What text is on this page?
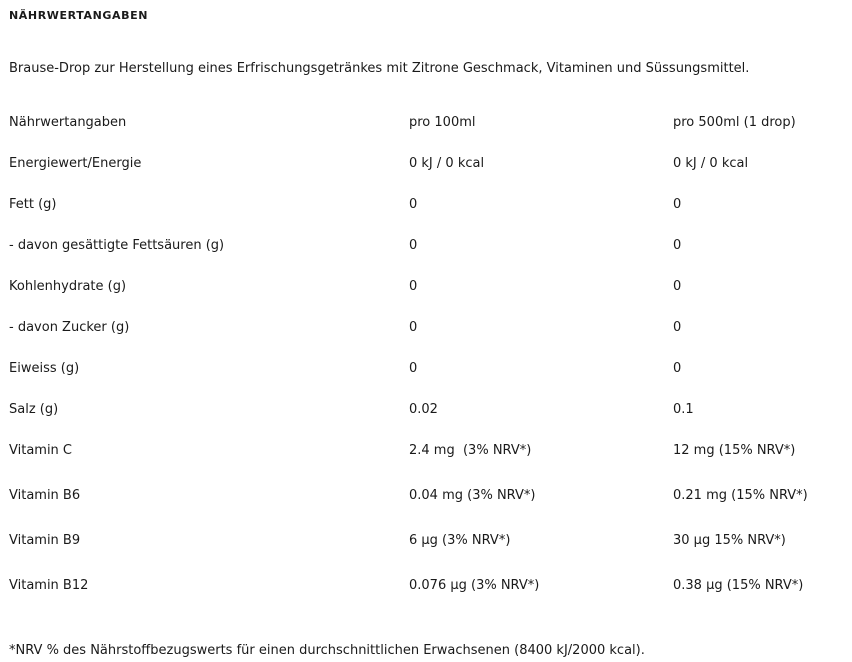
NÄHRWERTANGABEN
Brause-Drop zur Herstellung eines Erfrischungsgetränkes mit Zitrone Geschmack, Vitaminen und Süssungsmittel.
Nährwertangaben	pro 100ml	pro 500ml (1 drop)
Energiewert/Energie	0 kJ / 0 kcal	0 kJ / 0 kcal
Fett (g)	0	0
- davon gesättigte Fettsäuren (g)	0	0
Kohlenhydrate (g)	0	0
- davon Zucker (g)	0	0
Eiweiss (g)	0	0
Salz (g)	0.02	0.1
Vitamin C	2.4 mg  (3% NRV*)	12 mg (15% NRV*)
Vitamin B6	0.04 mg (3% NRV*)	0.21 mg (15% NRV*)
Vitamin B9	6 µg (3% NRV*)	30 µg 15% NRV*)
Vitamin B12	0.076 µg (3% NRV*)	0.38 µg (15% NRV*)
*NRV % des Nährstoffbezugswerts für einen durchschnittlichen Erwachsenen (8400 kJ/2000 kcal).
